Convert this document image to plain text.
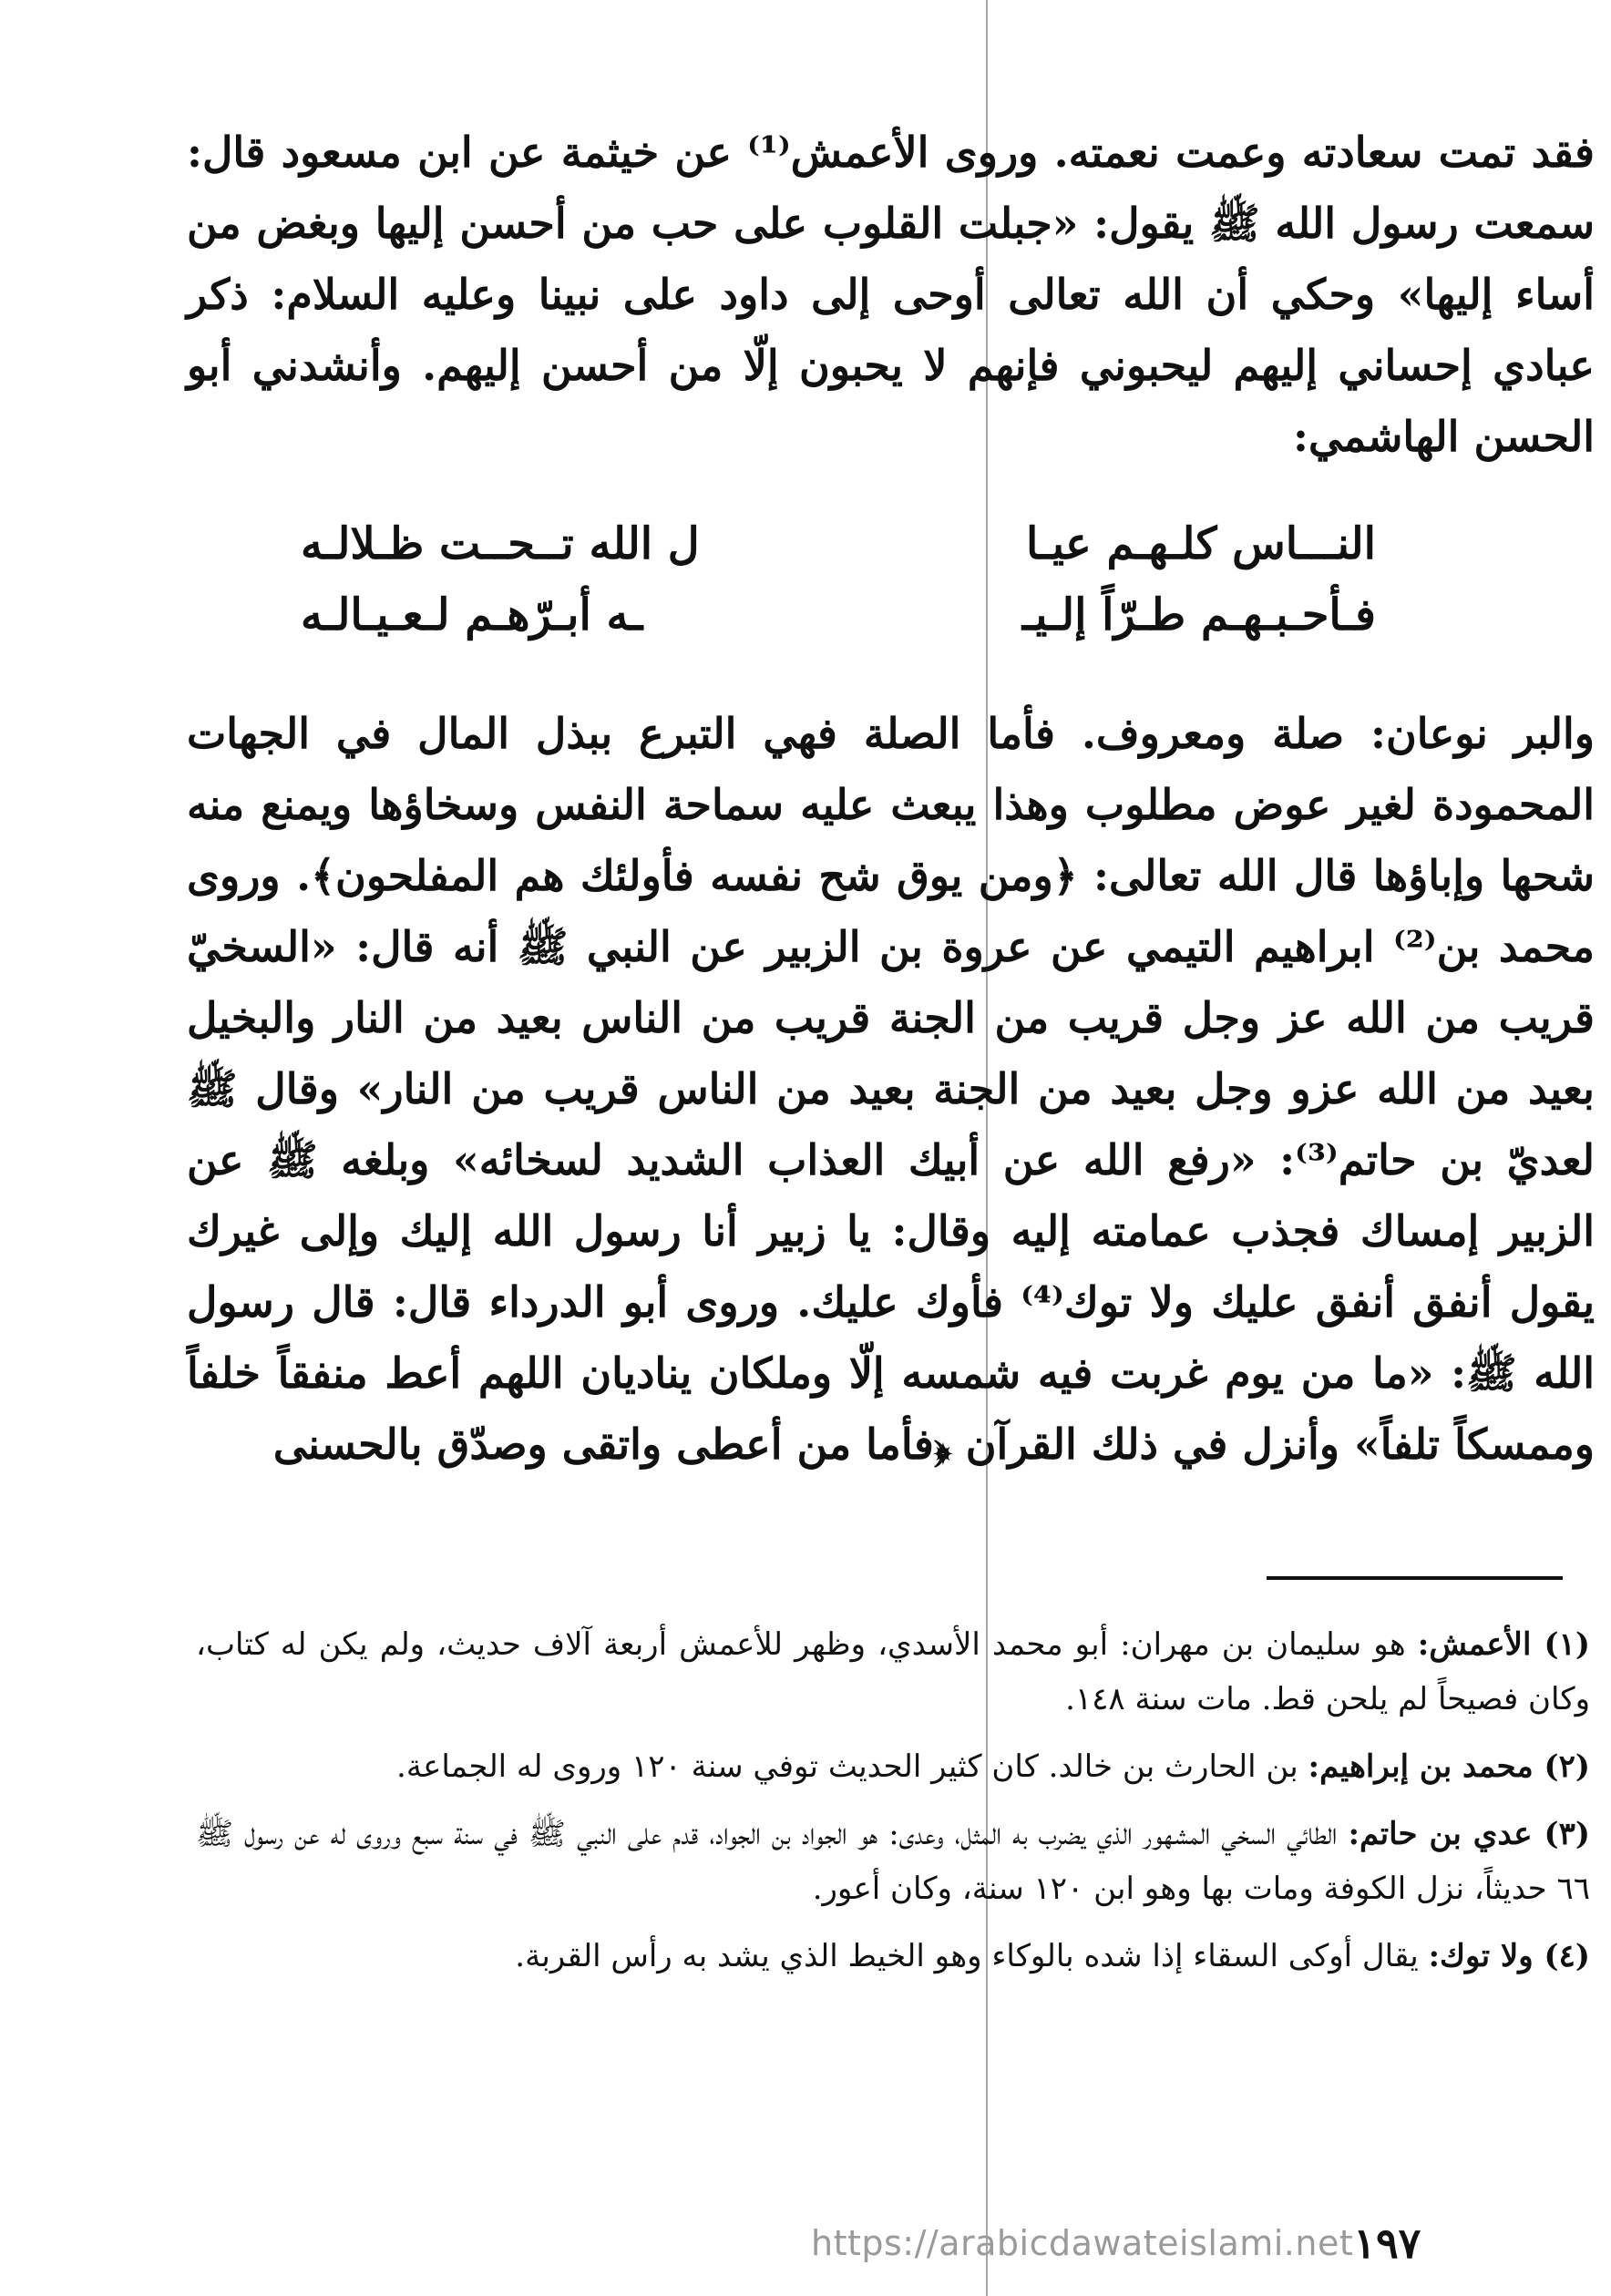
فقد تمت سعادته وعمت نعمته. وروى الأعمش⁽¹⁾ عن خيثمة عن ابن مسعود قال: سمعت رسول الله ﷺ يقول: «جبلت القلوب على حب من أحسن إليها وبغض من أساء إليها» وحكي أن الله تعالى أوحى إلى داود على نبينا وعليه السلام: ذكر عبادي إحساني إليهم ليحبوني فإنهم لا يحبون إلّا من أحسن إليهم. وأنشدني أبو الحسن الهاشمي:

النـــاس كلـهـم عيـا
ل الله تــحــت ظـلالـه
فـأحـبـهـم طـرّاً إلـيـ
ـه أبـرّهـم لـعـيـالـه

والبر نوعان: صلة ومعروف. فأما الصلة فهي التبرع ببذل المال في الجهات المحمودة لغير عوض مطلوب وهذا يبعث عليه سماحة النفس وسخاؤها ويمنع منه شحها وإباؤها قال الله تعالى: ﴿ومن يوق شح نفسه فأولئك هم المفلحون﴾. وروى محمد بن⁽²⁾ ابراهيم التيمي عن عروة بن الزبير عن النبي ﷺ أنه قال: «السخيّ قريب من الله عز وجل قريب من الجنة قريب من الناس بعيد من النار والبخيل بعيد من الله عزو وجل بعيد من الجنة بعيد من الناس قريب من النار» وقال ﷺ لعديّ بن حاتم⁽³⁾: «رفع الله عن أبيك العذاب الشديد لسخائه» وبلغه ﷺ عن الزبير إمساك فجذب عمامته إليه وقال: يا زبير أنا رسول الله إليك وإلى غيرك يقول أنفق أنفق عليك ولا توك⁽⁴⁾ فأوك عليك. وروى أبو الدرداء قال: قال رسول الله ﷺ: «ما من يوم غربت فيه شمسه إلّا وملكان يناديان اللهم أعط منفقاً خلفاً وممسكاً تلفاً» وأنزل في ذلك القرآن ﴿فأما من أعطى واتقى وصدّق بالحسنى

(١) الأعمش: هو سليمان بن مهران: أبو محمد الأسدي، وظهر للأعمش أربعة آلاف حديث، ولم يكن له كتاب، وكان فصيحاً لم يلحن قط. مات سنة ١٤٨.

(٢) محمد بن إبراهيم: بن الحارث بن خالد. كان كثير الحديث توفي سنة ١٢٠ وروى له الجماعة.

(٣) عدي بن حاتم: الطائي السخي المشهور الذي يضرب به المثل، وعدى: هو الجواد بن الجواد، قدم على النبي ﷺ في سنة سبع وروى له عن رسول ﷺ ٦٦ حديثاً، نزل الكوفة ومات بها وهو ابن ١٢٠ سنة، وكان أعور.

(٤) ولا توك: يقال أوكى السقاء إذا شده بالوكاء وهو الخيط الذي يشد به رأس القربة.

https://arabicdawateislami.net ١٩٧
